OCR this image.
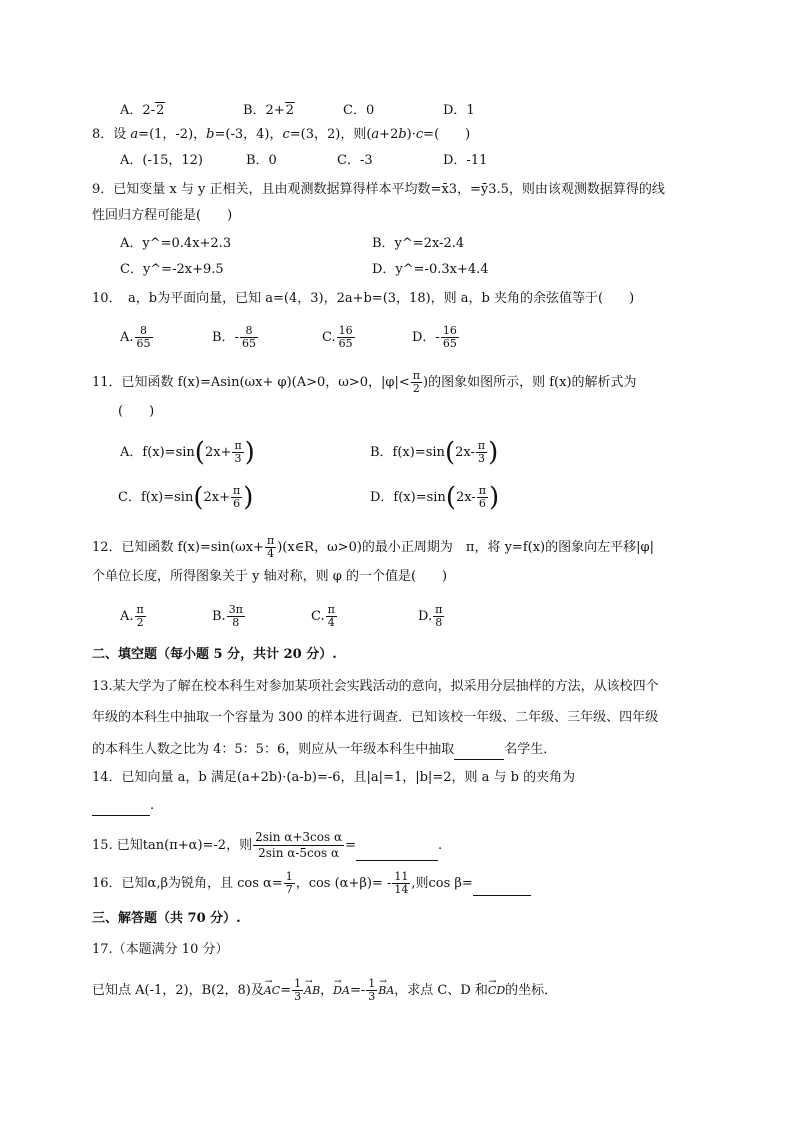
A．2-2	B．2+2	C．0	D．1
8．设 a=(1，-2)，b=(-3，4)，c=(3，2)，则(a+2b)·c=(　　)
A．(-15，12)	B．0	C．-3	D．-11
9．已知变量 x 与 y 正相关，且由观测数据算得样本平均数=x̄3，=ȳ3.5，则由该观测数据算得的线
性回归方程可能是(　　)
A．y^=0.4x+2.3	B．y^=2x-2.4
C．y^=-2x+9.5	D．y^=-0.3x+4.4
10．　a，b为平面向量，已知 a=(4，3)，2a+b=(3，18)，则 a，b 夹角的余弦值等于(　　)
A. $\frac{8}{65}$	B．- $\frac{8}{65}$	C. $\frac{16}{65}$	D．- $\frac{16}{65}$
11．已知函数 f(x)=Asin(ωx+ φ)(A>0，ω>0，$|\varphi|< \frac{\pi}{2}$ )的图象如图所示，则 f(x)的解析式为
(　　)
A．$f(x)=\sin(2x+ \frac{\pi}{3}$ )	B．$f(x)=\sin(2x- \frac{\pi}{3}$ )
C．$f(x)=\sin(2x+ \frac{\pi}{6}$ )	D．$f(x)=\sin(2x- \frac{\pi}{6}$ )
12．已知函数 $f(x)=\sin(\omega x+ \frac{\pi}{4}$ )(x∈R，ω>0)的最小正周期为　π，将 y=f(x)的图象向左平移|φ|
个单位长度，所得图象关于 y 轴对称，则 φ 的一个值是(　　)
A. $\frac{\pi}{2}$	B. $\frac{3\pi}{8}$	C. $\frac{\pi}{4}$	D. $\frac{\pi}{8}$
二、填空题（每小题 5 分，共计 20 分）.
13.某大学为了解在校本科生对参加某项社会实践活动的意向，拟采用分层抽样的方法，从该校四个
年级的本科生中抽取一个容量为 300 的样本进行调查．已知该校一年级、二年级、三年级、四年级
的本科生人数之比为 4：5：5：6，则应从一年级本科生中抽取	名学生．
14．已知向量 a，b 满足(a+2b)·(a-b)=-6，且|a|=1，|b|=2，则 a 与 b 的夹角为
.
15. 已知tan(π+α)=-2，则 $\frac{\text{2sin α+3cos α}}{\text{2sin α-5cos α}}$ =	.
16．已知α,β为锐角，且 $\cos \alpha= \frac{1}{7}$ ，$\cos (\alpha+\beta)= - \frac{11}{14}$ ,则cos β=
三、解答题（共 70 分）.
17.（本题满分 10 分）
已知点 A(-1，2)，B(2，8)及→ $AC= \frac{1}{3}$ → AB，→ $DA=- \frac{1}{3}$ → BA，求点 C、D 和→ CD的坐标．
